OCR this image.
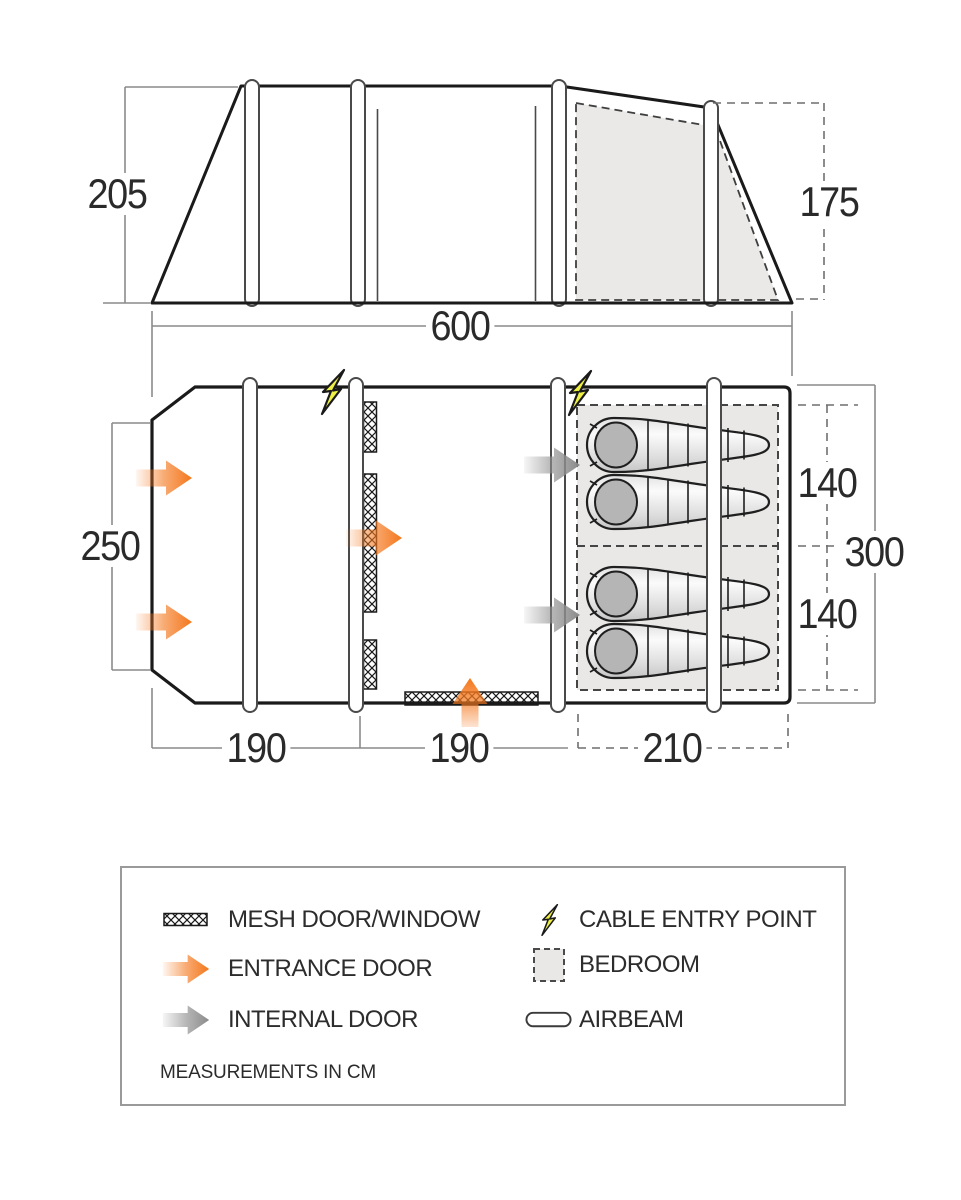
205	175
600
250	300
140
140
190	190	210
MESH DOOR/WINDOW	CABLE ENTRY POINT
ENTRANCE DOOR	BEDROOM
INTERNAL DOOR	AIRBEAM
MEASUREMENTS IN CM
